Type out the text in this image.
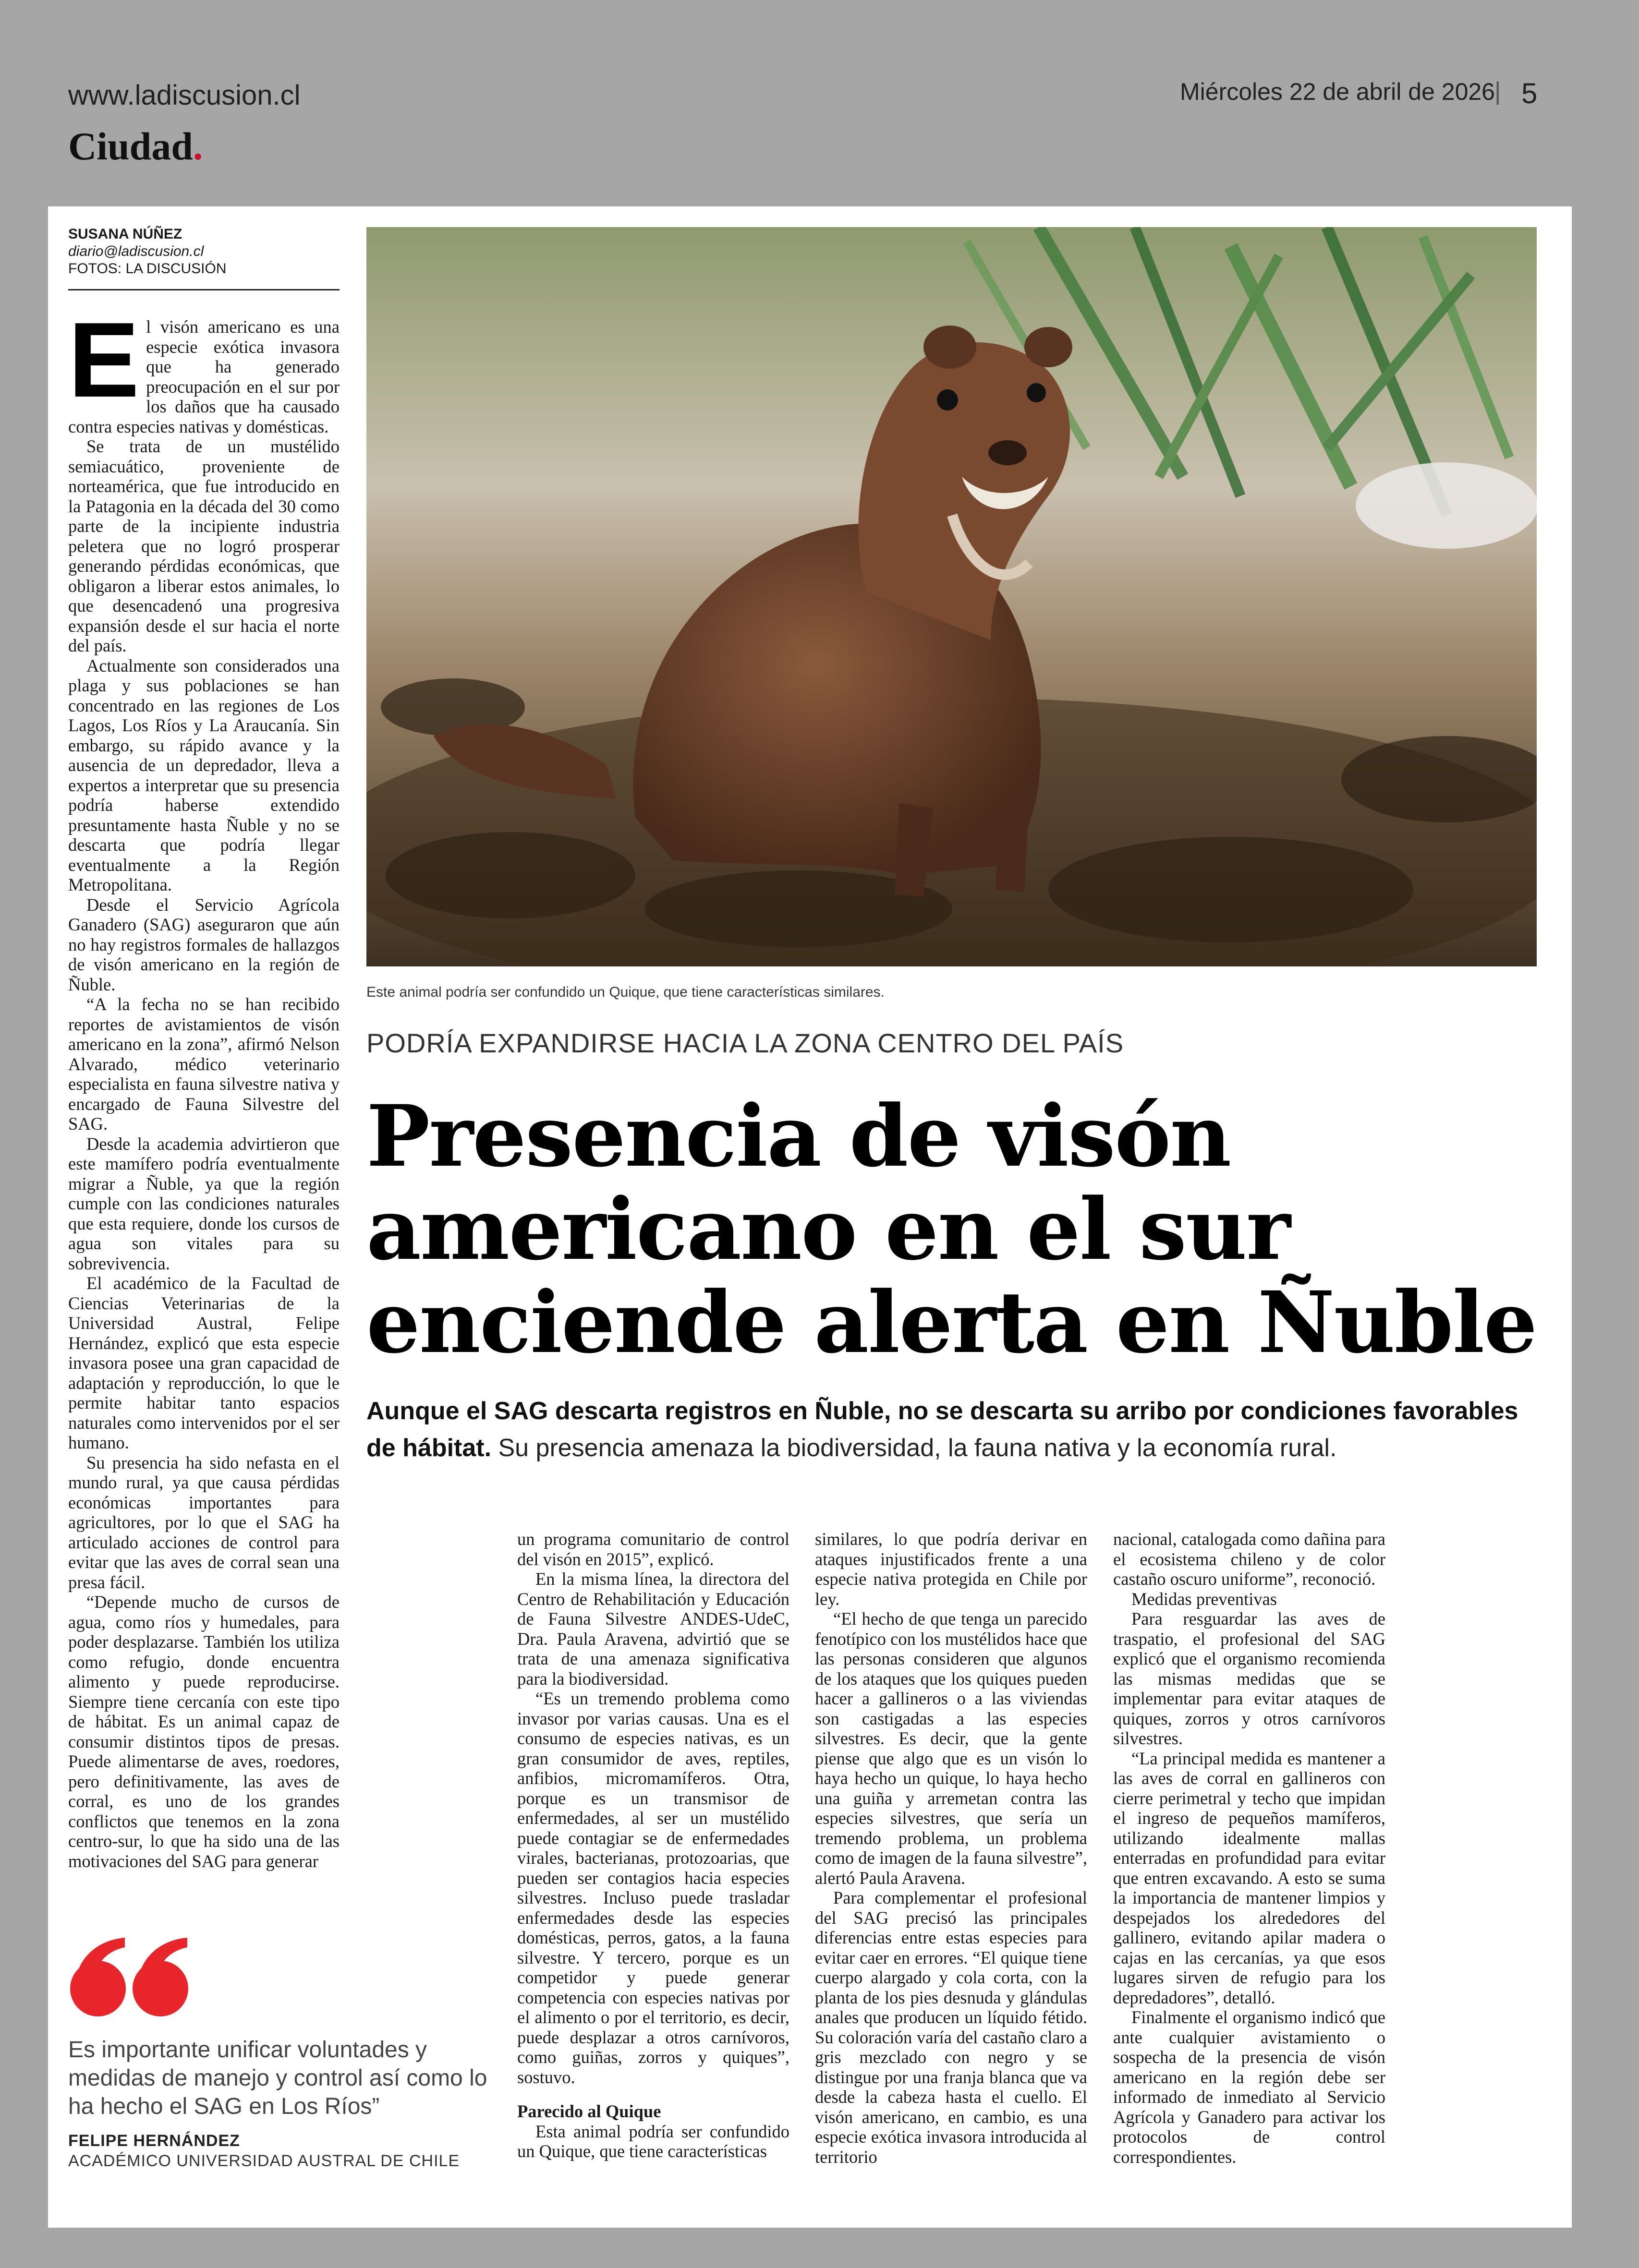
www.ladiscusion.cl	Miércoles 22 de abril de 2026 | 5
Ciudad.
SUSANA NÚÑEZ
diario@ladiscusion.cl
FOTOS: LA DISCUSIÓN

El visón americano es una especie exótica invasora que ha generado preocupación en el sur por los daños que ha causado contra especies nativas y domésticas.

Se trata de un mustélido semiacuático, proveniente de norteamérica, que fue introducido en la Patagonia en la década del 30 como parte de la incipiente industria peletera que no logró prosperar generando pérdidas económicas, que obligaron a liberar estos animales, lo que desencadenó una progresiva expansión desde el sur hacia el norte del país.

Actualmente son considerados una plaga y sus poblaciones se han concentrado en las regiones de Los Lagos, Los Ríos y La Araucanía. Sin embargo, su rápido avance y la ausencia de un depredador, lleva a expertos a interpretar que su presencia podría haberse extendido presuntamente hasta Ñuble y no se descarta que podría llegar eventualmente a la Región Metropolitana.

Desde el Servicio Agrícola Ganadero (SAG) aseguraron que aún no hay registros formales de hallazgos de visón americano en la región de Ñuble.

“A la fecha no se han recibido reportes de avistamientos de visón americano en la zona”, afirmó Nelson Alvarado, médico veterinario especialista en fauna silvestre nativa y encargado de Fauna Silvestre del SAG.

Desde la academia advirtieron que este mamífero podría eventualmente migrar a Ñuble, ya que la región cumple con las condiciones naturales que esta requiere, donde los cursos de agua son vitales para su sobrevivencia.

El académico de la Facultad de Ciencias Veterinarias de la Universidad Austral, Felipe Hernández, explicó que esta especie invasora posee una gran capacidad de adaptación y reproducción, lo que le permite habitar tanto espacios naturales como intervenidos por el ser humano.

Su presencia ha sido nefasta en el mundo rural, ya que causa pérdidas económicas importantes para agricultores, por lo que el SAG ha articulado acciones de control para evitar que las aves de corral sean una presa fácil.

“Depende mucho de cursos de agua, como ríos y humedales, para poder desplazarse. También los utiliza como refugio, donde encuentra alimento y puede reproducirse. Siempre tiene cercanía con este tipo de hábitat. Es un animal capaz de consumir distintos tipos de presas. Puede alimentarse de aves, roedores, pero definitivamente, las aves de corral, es uno de los grandes conflictos que tenemos en la zona centro-sur, lo que ha sido una de las motivaciones del SAG para generar

Este animal podría ser confundido un Quique, que tiene características similares.
PODRÍA EXPANDIRSE HACIA LA ZONA CENTRO DEL PAÍS
Presencia de visón americano en el sur enciende alerta en Ñuble
Aunque el SAG descarta registros en Ñuble, no se descarta su arribo por condiciones favorables de hábitat. Su presencia amenaza la biodiversidad, la fauna nativa y la economía rural.

un programa comunitario de control del visón en 2015”, explicó.

En la misma línea, la directora del Centro de Rehabilitación y Educación de Fauna Silvestre ANDES-UdeC, Dra. Paula Aravena, advirtió que se trata de una amenaza significativa para la biodiversidad.

“Es un tremendo problema como invasor por varias causas. Una es el consumo de especies nativas, es un gran consumidor de aves, reptiles, anfibios, micromamíferos. Otra, porque es un transmisor de enfermedades, al ser un mustélido puede contagiar se de enfermedades virales, bacterianas, protozoarias, que pueden ser contagios hacia especies silvestres. Incluso puede trasladar enfermedades desde las especies domésticas, perros, gatos, a la fauna silvestre. Y tercero, porque es un competidor y puede generar competencia con especies nativas por el alimento o por el territorio, es decir, puede desplazar a otros carnívoros, como guiñas, zorros y quiques”, sostuvo.

Parecido al Quique

Esta animal podría ser confundido un Quique, que tiene características

similares, lo que podría derivar en ataques injustificados frente a una especie nativa protegida en Chile por ley.

“El hecho de que tenga un parecido fenotípico con los mustélidos hace que las personas consideren que algunos de los ataques que los quiques pueden hacer a gallineros o a las viviendas son castigadas a las especies silvestres. Es decir, que la gente piense que algo que es un visón lo haya hecho un quique, lo haya hecho una guiña y arremetan contra las especies silvestres, que sería un tremendo problema, un problema como de imagen de la fauna silvestre”, alertó Paula Aravena.

Para complementar el profesional del SAG precisó las principales diferencias entre estas especies para evitar caer en errores. “El quique tiene cuerpo alargado y cola corta, con la planta de los pies desnuda y glándulas anales que producen un líquido fétido. Su coloración varía del castaño claro a gris mezclado con negro y se distingue por una franja blanca que va desde la cabeza hasta el cuello. El visón americano, en cambio, es una especie exótica invasora introducida al territorio

nacional, catalogada como dañina para el ecosistema chileno y de color castaño oscuro uniforme”, reconoció.

Medidas preventivas

Para resguardar las aves de traspatio, el profesional del SAG explicó que el organismo recomienda las mismas medidas que se implementar para evitar ataques de quiques, zorros y otros carnívoros silvestres.

“La principal medida es mantener a las aves de corral en gallineros con cierre perimetral y techo que impidan el ingreso de pequeños mamíferos, utilizando idealmente mallas enterradas en profundidad para evitar que entren excavando. A esto se suma la importancia de mantener limpios y despejados los alrededores del gallinero, evitando apilar madera o cajas en las cercanías, ya que esos lugares sirven de refugio para los depredadores”, detalló.

Finalmente el organismo indicó que ante cualquier avistamiento o sospecha de la presencia de visón americano en la región debe ser informado de inmediato al Servicio Agrícola y Ganadero para activar los protocolos de control correspondientes.

Es importante unificar voluntades y medidas de manejo y control así como lo ha hecho el SAG en Los Ríos”
FELIPE HERNÁNDEZ
ACADÉMICO UNIVERSIDAD AUSTRAL DE CHILE
